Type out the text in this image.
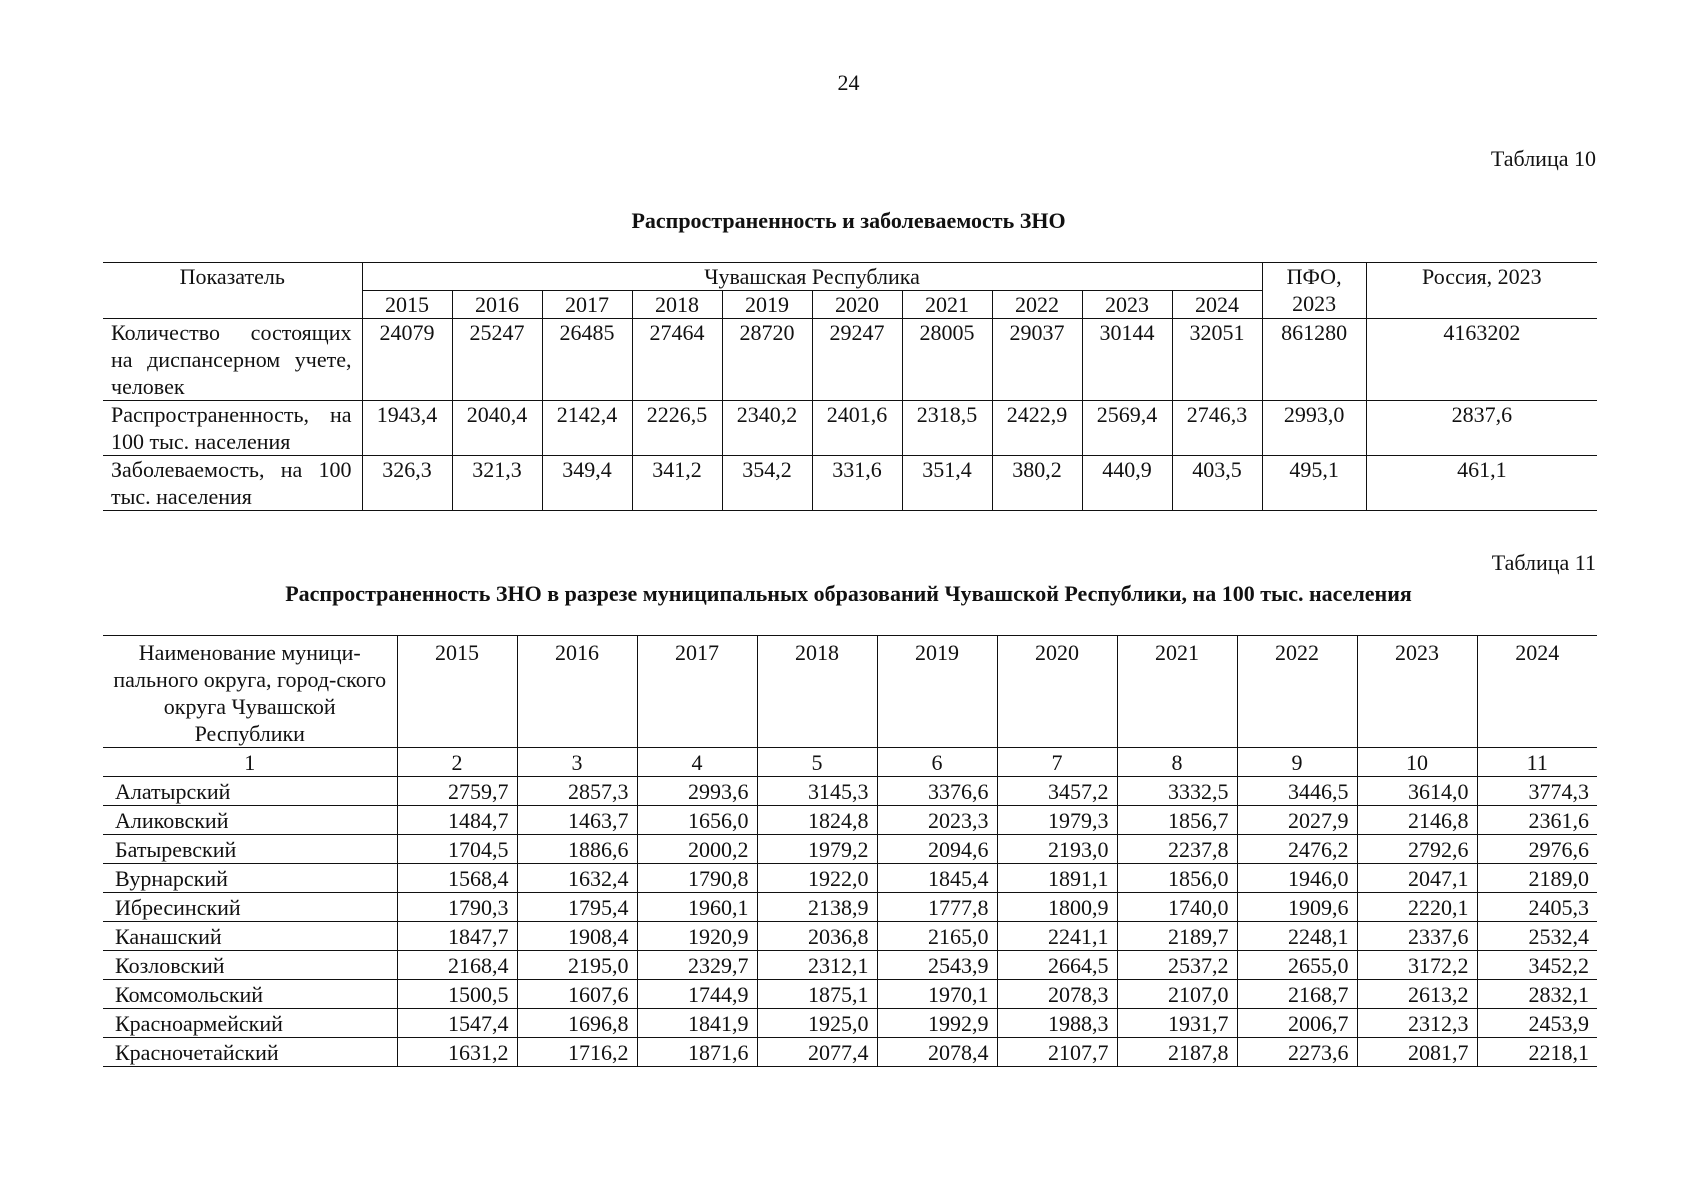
24
Таблица 10
Распространенность и заболеваемость ЗНО
Показатель	Чувашская Республика										ПФО, 2023	Россия, 2023
	2015	2016	2017	2018	2019	2020	2021	2022	2023	2024		
Количество состоящих на диспансерном учете, человек	24079	25247	26485	27464	28720	29247	28005	29037	30144	32051	861280	4163202
Распространенность, на 100 тыс. населения	1943,4	2040,4	2142,4	2226,5	2340,2	2401,6	2318,5	2422,9	2569,4	2746,3	2993,0	2837,6
Заболеваемость, на 100 тыс. населения	326,3	321,3	349,4	341,2	354,2	331,6	351,4	380,2	440,9	403,5	495,1	461,1
Таблица 11
Распространенность ЗНО в разрезе муниципальных образований Чувашской Республики, на 100 тыс. населения
Наименование муници-пального округа, город-ского округа Чувашской Республики	2015	2016	2017	2018	2019	2020	2021	2022	2023	2024
1	2	3	4	5	6	7	8	9	10	11
Алатырский	2759,7	2857,3	2993,6	3145,3	3376,6	3457,2	3332,5	3446,5	3614,0	3774,3
Аликовский	1484,7	1463,7	1656,0	1824,8	2023,3	1979,3	1856,7	2027,9	2146,8	2361,6
Батыревский	1704,5	1886,6	2000,2	1979,2	2094,6	2193,0	2237,8	2476,2	2792,6	2976,6
Вурнарский	1568,4	1632,4	1790,8	1922,0	1845,4	1891,1	1856,0	1946,0	2047,1	2189,0
Ибресинский	1790,3	1795,4	1960,1	2138,9	1777,8	1800,9	1740,0	1909,6	2220,1	2405,3
Канашский	1847,7	1908,4	1920,9	2036,8	2165,0	2241,1	2189,7	2248,1	2337,6	2532,4
Козловский	2168,4	2195,0	2329,7	2312,1	2543,9	2664,5	2537,2	2655,0	3172,2	3452,2
Комсомольский	1500,5	1607,6	1744,9	1875,1	1970,1	2078,3	2107,0	2168,7	2613,2	2832,1
Красноармейский	1547,4	1696,8	1841,9	1925,0	1992,9	1988,3	1931,7	2006,7	2312,3	2453,9
Красночетайский	1631,2	1716,2	1871,6	2077,4	2078,4	2107,7	2187,8	2273,6	2081,7	2218,1
